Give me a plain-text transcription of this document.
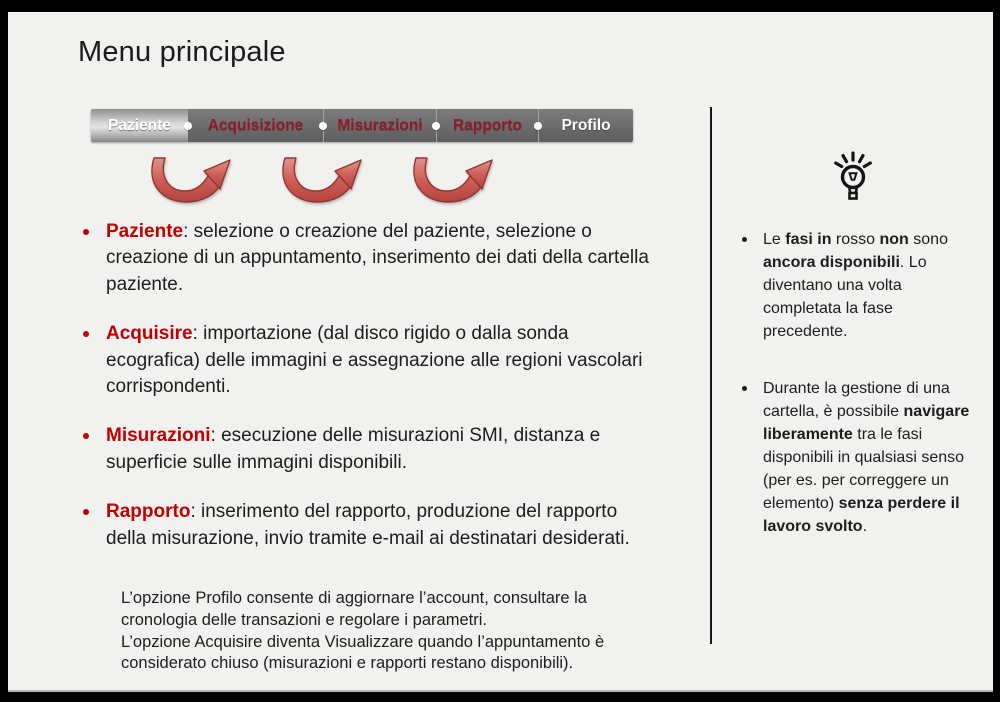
Menu principale
Paziente Acquisizione Misurazioni Rapporto	Profilo
Paziente: selezione o creazione del paziente, selezione o creazione di un appuntamento, inserimento dei dati della cartella paziente.
Acquisire: importazione (dal disco rigido o dalla sonda ecografica) delle immagini e assegnazione alle regioni vascolari corrispondenti.
Misurazioni: esecuzione delle misurazioni SMI, distanza e superficie sulle immagini disponibili.
Rapporto: inserimento del rapporto, produzione del rapporto della misurazione, invio tramite e-mail ai destinatari desiderati.
L’opzione Profilo consente di aggiornare l’account, consultare la cronologia delle transazioni e regolare i parametri.
L’opzione Acquisire diventa Visualizzare quando l’appuntamento è considerato chiuso (misurazioni e rapporti restano disponibili).
Le fasi in rosso non sono ancora disponibili. Lo diventano una volta completata la fase precedente.
Durante la gestione di una cartella, è possibile navigare liberamente tra le fasi disponibili in qualsiasi senso (per es. per correggere un elemento) senza perdere il lavoro svolto.
